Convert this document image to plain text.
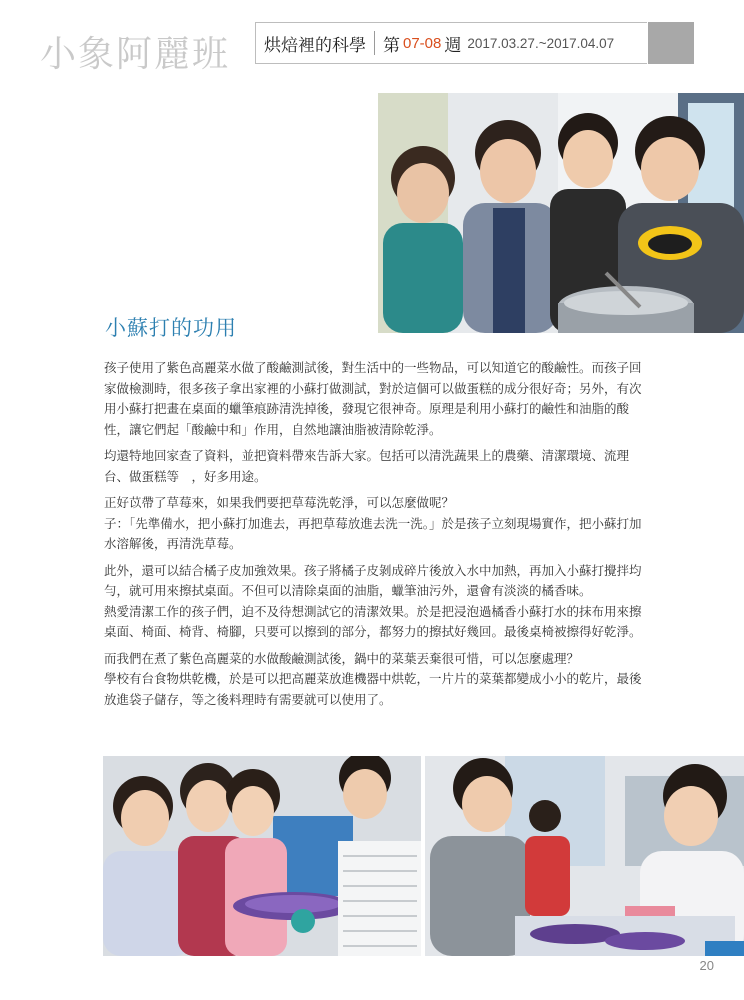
小象阿麗班 烘焙裡的科學 第 07-08 週 2017.03.27.~2017.04.07
小蘇打的功用

孩子使用了紫色高麗菜水做了酸鹼測試後，對生活中的一些物品，可以知道它的酸鹼性。而孩子回家做檢測時，很多孩子拿出家裡的小蘇打做測試，對於這個可以做蛋糕的成分很好奇；另外，有次用小蘇打把畫在桌面的蠟筆痕跡清洗掉後，發現它很神奇。原理是利用小蘇打的鹼性和油脂的酸性，讓它們起「酸鹼中和」作用，自然地讓油脂被清除乾淨。

均還特地回家查了資料，並把資料帶來告訴大家。包括可以清洗蔬果上的農藥、清潔環境、流理台、做蛋糕等　，好多用途。

正好苡帶了草莓來，如果我們要把草莓洗乾淨，可以怎麼做呢？
子：「先準備水，把小蘇打加進去，再把草莓放進去洗一洗。」於是孩子立刻現場實作，把小蘇打加水溶解後，再清洗草莓。

此外，還可以結合橘子皮加強效果。孩子將橘子皮剝成碎片後放入水中加熱，再加入小蘇打攪拌均勻，就可用來擦拭桌面。不但可以清除桌面的油脂，蠟筆油污外，還會有淡淡的橘香味。
熱愛清潔工作的孩子們，迫不及待想測試它的清潔效果。於是把浸泡過橘香小蘇打水的抹布用來擦桌面、椅面、椅背、椅腳，只要可以擦到的部分，都努力的擦拭好幾回。最後桌椅被擦得好乾淨。

而我們在煮了紫色高麗菜的水做酸鹼測試後，鍋中的菜葉丟棄很可惜，可以怎麼處理？
學校有台食物烘乾機，於是可以把高麗菜放進機器中烘乾，一片片的菜葉都變成小小的乾片，最後放進袋子儲存，等之後料理時有需要就可以使用了。

20
